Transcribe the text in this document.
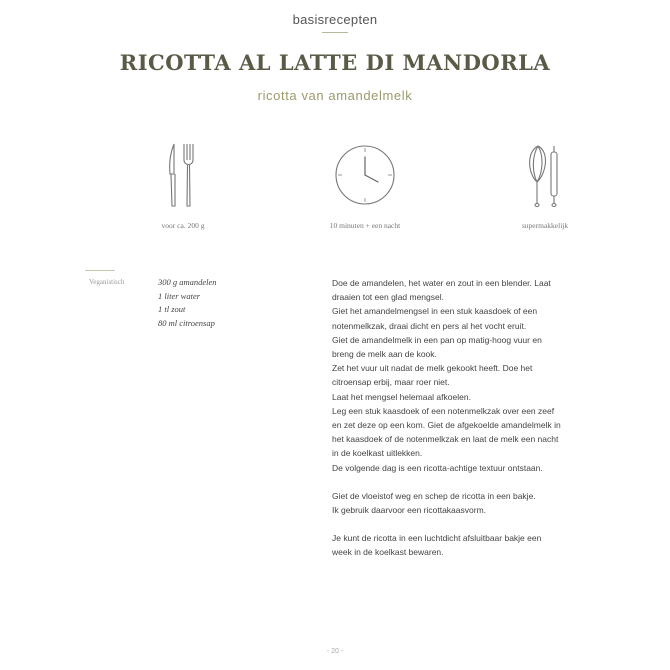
basisrecepten
RICOTTA AL LATTE DI MANDORLA
ricotta van amandelmelk
voor ca. 200 g	10 minuten + een nacht	supermakkelijk
Veganistisch	300 g amandelen
1 liter water
1 tl zout
80 ml citroensap
Doe de amandelen, het water en zout in een blender. Laat
draaien tot een glad mengsel.
Giet het amandelmengsel in een stuk kaasdoek of een
notenmelkzak, draai dicht en pers al het vocht eruit.
Giet de amandelmelk in een pan op matig-hoog vuur en
breng de melk aan de kook.
Zet het vuur uit nadat de melk gekookt heeft. Doe het
citroensap erbij, maar roer niet.
Laat het mengsel helemaal afkoelen.
Leg een stuk kaasdoek of een notenmelkzak over een zeef
en zet deze op een kom. Giet de afgekoelde amandelmelk in
het kaasdoek of de notenmelkzak en laat de melk een nacht
in de koelkast uitlekken.
De volgende dag is een ricotta-achtige textuur ontstaan.
Giet de vloeistof weg en schep de ricotta in een bakje.
Ik gebruik daarvoor een ricottakaasvorm.
Je kunt de ricotta in een luchtdicht afsluitbaar bakje een
week in de koelkast bewaren.
- 20 -
